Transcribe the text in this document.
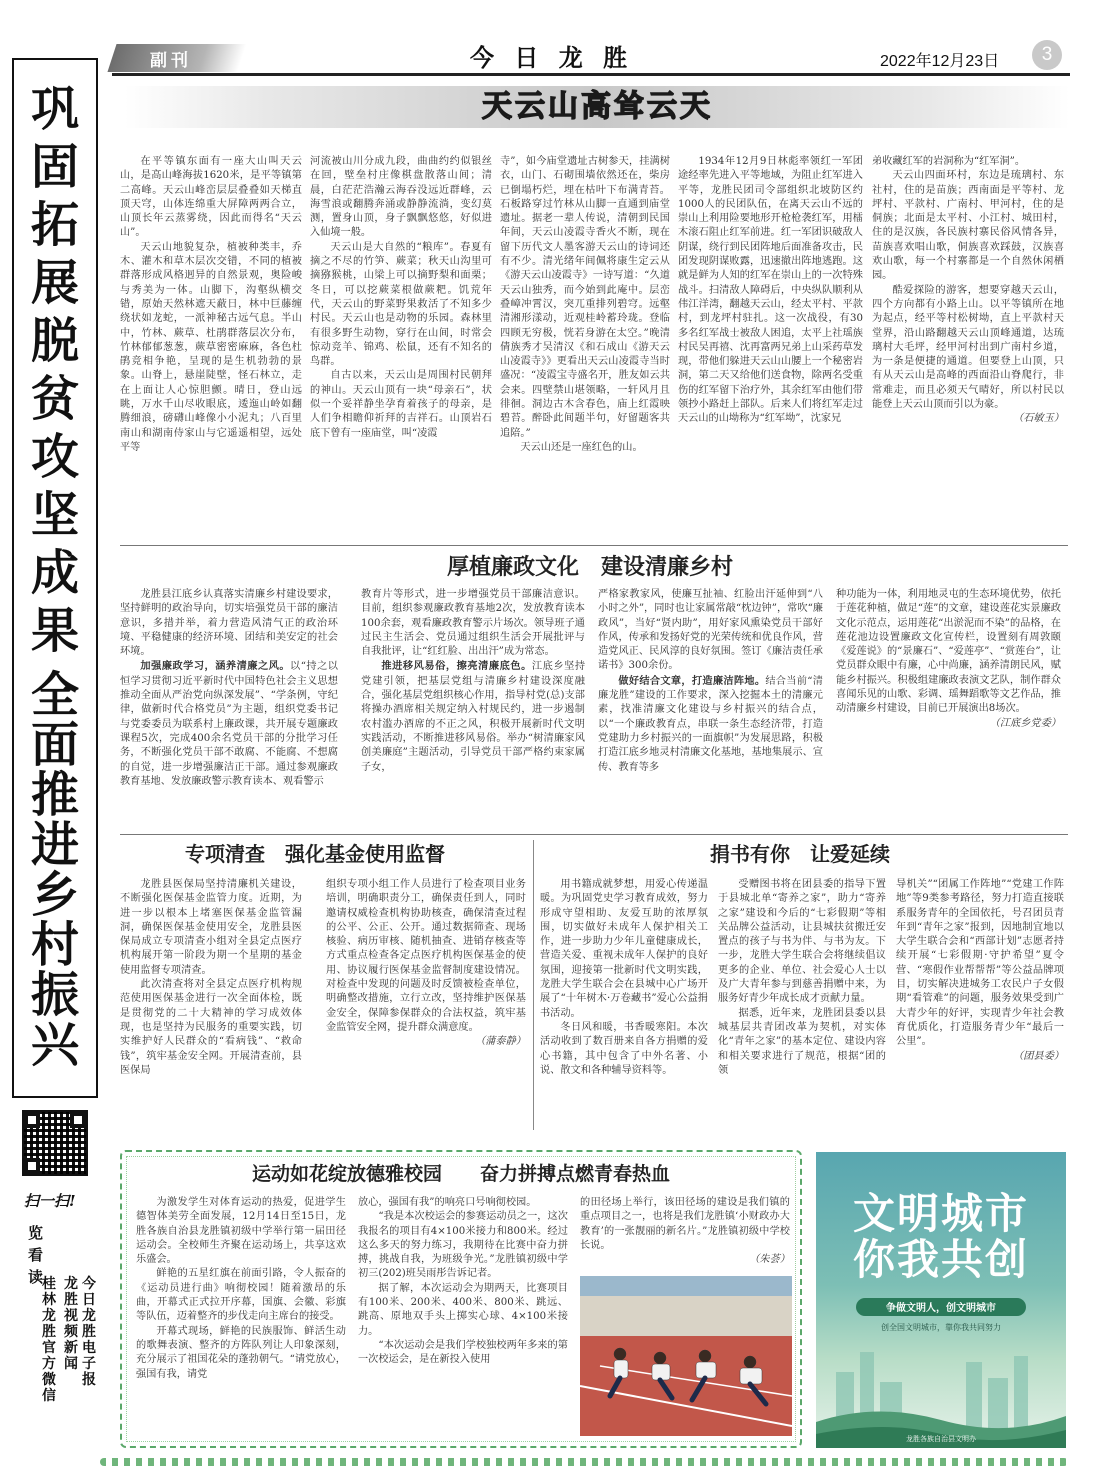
副刊	今 日 龙 胜	2022年12月23日	3
巩固拓展脱贫攻坚成果
全面推进乡村振兴
扫一扫!
览看读	今日龙胜电子报
龙胜视频新闻
桂林龙胜官方微信
天云山高耸云天

在平等镇东面有一座大山叫天云山，是高山峰海拔1620米，是平等镇第二高峰。天云山峰峦层层叠叠如天梯直顶天穹，山体连绵重大屏障两两合立，山顶长年云蒸雾绕，因此而得名“天云山”。

天云山地貌复杂，植被种类丰，乔木、灌木和草木层次交错，不同的植被群落形成风格迥异的自然景观，奥险峻与秀美为一体。山脚下，沟壑纵横交错，原始天然林遮天蔽日，林中巨藤缠绕状如龙蛇，一派神秘古远气息。半山中，竹林、蕨草、杜鹃群落层次分布，竹林郁郁葱葱，蕨草密密麻麻，各色杜鹃竞相争艳，呈现的是生机勃勃的景象。山脊上，悬崖陡壁，怪石林立，走在上面让人心惊胆颤。晴日，登山远眺，万水千山尽收眼底，逶迤山岭如翻腾细浪，磅礴山峰像小小泥丸；八百里南山和湖南侍家山与它遥遥相望，远处平等

河流被山川分成九段，曲曲约约似银丝在回，壁垒村庄像棋盘散落山间；清晨，白茫茫浩瀚云海吞没远近群峰，云海雪浪或翻腾奔涌或静静流淌，变幻莫测，置身山顶，身子飘飘悠悠，好似进入仙境一般。

天云山是大自然的“粮库”。春夏有摘之不尽的竹笋、蕨菜；秋天山沟里可摘猕猴桃，山梁上可以摘野梨和面栗；冬日，可以挖蕨菜根做蕨粑。饥荒年代，天云山的野菜野果救活了不知多少村民。天云山也是动物的乐园。森林里有很多野生动物，穿行在山间，时常会惊动竞羊、锦鸡、松鼠，还有不知名的鸟群。

自古以来，天云山是周围村民朝拜的神山。天云山顶有一块“母亲石”，状似一个妥祥静坐孕育着孩子的母亲，是人们争相瞻仰祈拜的吉祥石。山顶岩石底下曾有一座庙堂，叫“凌霞

寺”，如今庙堂遗址古树参天，挂满树衣，山门、石砌围墙依然还在，柴房已倒塌朽烂，埋在枯叶下布满青苔。石板路穿过竹林从山脚一直通到庙堂遗址。据老一辈人传说，清朝到民国年间，天云山凌霞寺香火不断，现在留下历代文人墨客游天云山的诗词还有不少。清光绪年间佩将康生定云从《游天云山凌霞寺》一诗写道：“久道天云山独秀，而今始到此庵中。层峦叠嶂冲霄汉，突兀重排列碧穹。远壑清湘形漾动，近观桂岭蓄玲珑。登临四顾无穷极，恍若身游在太空。”晚清倩族秀才吴清汉《和石成山《游天云山凌霞寺》》更看出天云山凌霞寺当时盛况：“凌霞宝寺盛名开，胜友如云共会来。四壁禁山堪领略，一轩风月且徘徊。洞边古木含春色，庙上红霞映碧苔。醉卧此间题半句，好留题客共追陪。”

天云山还是一座红色的山。

1934年12月9日林彪率领红一军团途经率先进入平等地域，为阻止红军进入平等，龙胜民团司令部组织北坡防区约1000人的民团队伍，在离天云山不远的崇山上利用险要地形开枪枪袭红军，用檑木滚石阻止红军前进。红一军团识破敌人阴谋，绕行到民团阵地后面准备攻击，民团发现阴谋败露，迅速撤出阵地逃跑。这就是鲜为人知的红军在崇山上的一次特殊战斗。扫清敌人障碍后，中央纵队顺利从伟江洋湾，翻越天云山，经太平村、平款村，到龙坪村驻扎。这一次战役，有30多名红军战士被敌人困追，太平上社瑶族村民吴再禧、沈再富两兄弟上山采药草发现，带他们躲进天云山山腰上一个秘密岩洞，第二天又给他们送食物，除两名受重伤的红军留下治疗外，其余红军由他们带领抄小路赶上部队。后来人们将红军走过天云山的山坳称为“红军坳”，沈家兄

弟收藏红军的岩洞称为“红军洞”。

天云山四面环村，东边是琉璃村、东社村，住的是苗族；西南面是平等村、龙坪村、平款村、广南村、甲河村，住的是侗族；北面是太平村、小江村、城田村，住的是汉族，各民族村寨民俗风情各异，苗族喜欢唱山歌，侗族喜欢踩鼓，汉族喜欢山歌，每一个村寨都是一个自然休闲栖园。

酷爱探险的游客，想要穿越天云山，四个方向都有小路上山。以平等镇所在地为起点，经平等村松树坳，直上平款村天堂界，沿山路翻越天云山顶峰通道，达琉璃村大毛坪，经甲河村出到广南村乡道，为一条是便捷的通道。但要登上山顶，只有从天云山是高峰的西面沿山脊爬行，非常难走，而且必须天气晴好，所以村民以能登上天云山顶而引以为豪。

（石敏玉）

厚植廉政文化　建设清廉乡村

龙胜县江底乡认真落实清廉乡村建设要求，坚持鲜明的政治导向，切实培强党员干部的廉洁意识，多措并举，着力营造风清气正的政治环境、平稳健康的经济环境、团结和美安定的社会环境。

加强廉政学习，涵养清廉之风。以“持之以恒学习贯彻习近平新时代中国特色社会主义思想推动全面从严治党向纵深发展”、“学条例，守纪律，做新时代合格党员”为主题，组织党委书记与党委委员为联系村上廉政课，共开展专题廉政课程5次，完成400余名党员干部的分批学习任务，不断强化党员干部不敢腐、不能腐、不想腐的自觉，进一步增强廉洁正干部。通过参观廉政教育基地、发放廉政警示教育读本、观看警示

教育片等形式，进一步增强党员干部廉洁意识。目前，组织参观廉政教育基地2次，发放教育读本100余套，观看廉政教育警示片场次。领导班子通过民主生活会、党员通过组织生活会开展批评与自我批评，让“红红脸、出出汗”成为常态。

推进移风易俗，擦亮清廉底色。江底乡坚持党建引领，把基层党组与清廉乡村建设深度融合，强化基层党组织核心作用，指导村党(总)支部将操办酒席相关规定纳入村规民约，进一步遏制农村滥办酒席的不正之风，积极开展新时代文明实践活动，不断推进移风易俗。举办“树清廉家风创美廉庭”主题活动，引导党员干部严格约束家属子女，

严格家教家风，使廉互扯袖、红脸出汗延伸到“八小时之外”，同时也让家属常敲“枕边钟”，常吹“廉政风”，当好“贤内助”，用好家风熏染党员干部好作风，传承和发扬好党的光荣传统和优良作风，营造党风正、民风淳的良好氛围。签订《廉洁责任承诺书》300余份。

做好结合文章，打造廉洁阵地。结合当前“清廉龙胜”建设的工作要求，深入挖掘本土的清廉元素，找准清廉文化建设与乡村振兴的结合点，以“一个廉政教育点，串联一条生态经济带，打造党建助力乡村振兴的一面旗帜”为发展思路，积极打造江底乡地灵村清廉文化基地，基地集展示、宣传、教育等多

种功能为一体，利用地灵屯的生态环境优势，依托于莲花种植，做足“莲”的文章，建设莲花实景廉政文化示范点，运用莲花“出淤泥而不染”的品格，在莲花池边设置廉政文化宣传栏，设置刻有周敦颐《爱莲说》的“景廉石”、“爱莲亭”、“赏莲台”，让党员群众眼中有廉，心中尚廉，涵养清朗民风，赋能乡村振兴。积极组建廉政表演文艺队，制作群众喜闻乐见的山歌、彩调、瑶舞蹈歌等文艺作品，推动清廉乡村建设，目前已开展演出8场次。

（江底乡党委）

专项清查　强化基金使用监督

龙胜县医保局坚持清廉机关建设，不断强化医保基金监管力度。近期，为进一步以根本上堵塞医保基金监管漏洞，确保医保基金使用安全，龙胜县医保局成立专项清查小组对全县定点医疗机构展开第一阶段为期一个星期的基金使用监督专项清查。

此次清查将对全县定点医疗机构规范使用医保基金进行一次全面体检，既是贯彻党的二十大精神的学习成效体现，也是坚持为民服务的重要实践，切实维护好人民群众的“看病钱”、“救命钱”，筑牢基金安全网。开展清查前，县医保局

组织专项小组工作人员进行了检查项目业务培训，明确职责分工，确保责任到人，同时邀请权威检查机构协助核查，确保清查过程的公平、公正、公开。通过数据筛查、现场核验、病历审核、随机抽查、进销存核查等方式重点检查各定点医疗机构医保基金的使用、协议履行医保基金监督制度建设情况。对检查中发现的问题及时反馈被检查单位，明确整改措施，立行立改，坚持维护医保基金安全，保障参保群众的合法权益，筑牢基金监管安全网，提升群众满意度。

（蒲泰静）

捐书有你　让爱延续

用书籍成就梦想，用爱心传递温暖。为巩固党史学习教育成效，努力形成守望相助、友爱互助的浓厚氛围，切实做好未成年人保护相关工作，进一步助力少年儿童健康成长，营造关爱、重视未成年人保护的良好氛围，迎接第一批新时代文明实践，龙胜大学生联合会在县城中心广场开展了“十年树木·万卷藏书”爱心公益捐书活动。

冬日风和暖，书香暖寒阳。本次活动收到了数百册来自各方捐赠的爱心书籍，其中包含了中外名著、小说、散文和各种辅导资料等。

受赠图书将在团县委的指导下置于县城北单“寄养之家”，助力“寄养之家”建设和今后的“七彩假期”等相关品牌公益活动，让县城扶贫搬迁安置点的孩子与书为伴、与书为友。下一步，龙胜大学生联合会将继续倡议更多的企业、单位、社会爱心人士以及广大青年参与到慈善捐赠中来，为服务好青少年成长成才贡献力量。

据悉，近年来，龙胜团县委以县城基层共青团改革为契机，对实体化“青年之家”的基本定位、建设内容和相关要求进行了规范，根据“团的领

导机关”“团属工作阵地”“党建工作阵地”等9类参考路径，努力打造直接联系服务青年的全国依托，号召团员青年到“青年之家”报到，因地制宜地以大学生联合会和“西部计划”志愿者持续开展“七彩假期·守护希望”夏令营、“寒假作业帮帮帮”等公益品牌项目，切实解决进城务工农民户子女假期“看管难”的问题，服务效果受到广大青少年的好评，实现青少年社会教育优质化，打造服务青少年“最后一公里”。

（团县委）

运动如花绽放德雅校园　　奋力拼搏点燃青春热血

为激发学生对体育运动的热爱，促进学生德智体美劳全面发展，12月14日至15日，龙胜各族自治县龙胜镇初级中学举行第一届田径运动会。全校师生齐聚在运动场上，共享这欢乐盛会。

鲜艳的五星红旗在前面引路，令人振奋的《运动员进行曲》响彻校园！随着激昂的乐曲，开幕式正式拉开序幕，国旗、会徽、彩旗等队伍，迈着整齐的步伐走向主席台的接受。

开幕式现场，鲜艳的民族服饰、鲜活生动的歌舞表演、整齐的方阵队列让人印象深刻，充分展示了祖国花朵的蓬勃朝气。“请党放心，强国有我，请党

放心，强国有我”的响亮口号响彻校园。

“我是本次校运会的参赛运动员之一，这次我报名的项目有4×100米接力和800米。经过这么多天的努力练习，我期待在比赛中奋力拼搏，挑战自我，为班级争光。”龙胜镇初级中学初三(202)班吴雨彤告诉记者。

据了解，本次运动会为期两天，比赛项目有100米、200米、400米、800米、跳远、跳高、原地双手头上掷实心球、4×100米接力。

“本次运动会是我们学校独校两年多来的第一次校运会，是在新投入使用

的田径场上举行，该田径场的建设是我们镇的重点项目之一，也将是我们龙胜镇‘小财政办大教育’的一张靓丽的新名片。”龙胜镇初级中学校长说。

（朱荟）

文明城市
你我共创
争做文明人，创文明城市
创全国文明城市，靠你我共同努力
龙胜各族自治县文明办
